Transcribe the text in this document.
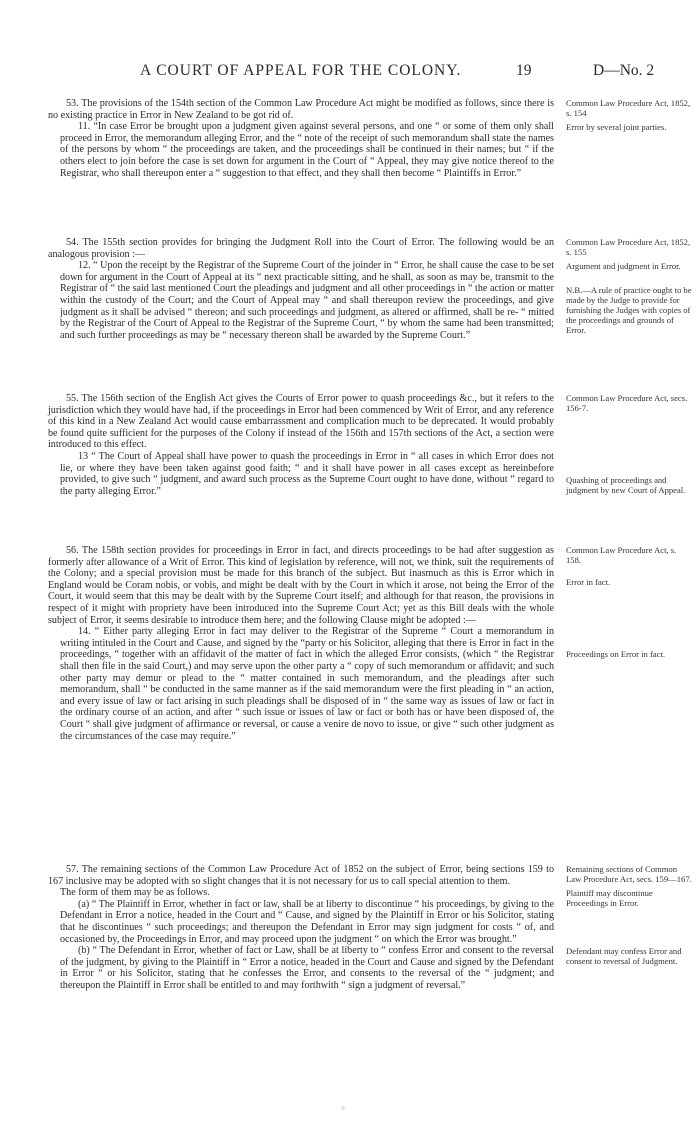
A COURT OF APPEAL FOR THE COLONY.	19	D—No. 2

53. The provisions of the 154th section of the Common Law Procedure Act might be modified as follows, since there is no existing practice in Error in New Zealand to be got rid of.

11. “In case Error be brought upon a judgment given against several persons, and one “ or some of them only shall proceed in Error, the memorandum alleging Error, and the “ note of the receipt of such memorandum shall state the names of the persons by whom “ the proceedings are taken, and the proceedings shall be continued in their names; but “ if the others elect to join before the case is set down for argument in the Court of “ Appeal, they may give notice thereof to the Registrar, who shall thereupon enter a “ suggestion to that effect, and they shall then become “ Plaintiffs in Error.”

Common Law Procedure Act, 1852, s. 154

Error by several joint parties.

54. The 155th section provides for bringing the Judgment Roll into the Court of Error. The following would be an analogous provision :—

12. “ Upon the receipt by the Registrar of the Supreme Court of the joinder in “ Error, he shall cause the case to be set down for argument in the Court of Appeal at its “ next practicable sitting, and he shall, as soon as may be, transmit to the Registrar of “ the said last mentioned Court the pleadings and judgment and all other proceedings in “ the action or matter within the custody of the Court; and the Court of Appeal may “ and shall thereupon review the proceedings, and give judgment as it shall be advised “ thereon; and such proceedings and judgment, as altered or affirmed, shall be re- “ mitted by the Registrar of the Court of Appeal to the Registrar of the Supreme Court, “ by whom the same had been transmitted; and such further proceedings as may be “ necessary thereon shall be awarded by the Supreme Court.”

Common Law Procedure Act, 1852, s. 155

Argument and judgment in Error.

N.B.—A rule of practice ought to be made by the Judge to provide for furnishing the Judges with copies of the proceedings and grounds of Error.

55. The 156th section of the English Act gives the Courts of Error power to quash proceedings &c., but it refers to the jurisdiction which they would have had, if the proceedings in Error had been commenced by Writ of Error, and any reference of this kind in a New Zealand Act would cause embarrassment and complication much to be deprecated. It would probably be found quite sufficient for the purposes of the Colony if instead of the 156th and 157th sections of the Act, a section were introduced to this effect.

13 “ The Court of Appeal shall have power to quash the proceedings in Error in “ all cases in which Error does not lie, or where they have been taken against good faith; “ and it shall have power in all cases except as hereinbefore provided, to give such “ judgment, and award such process as the Supreme Court ought to have done, without “ regard to the party alleging Error.”

Common Law Procedure Act, secs. 156-7.

Quashing of proceedings and judgment by new Court of Appeal.

56. The 158th section provides for proceedings in Error in fact, and directs proceedings to be had after suggestion as formerly after allowance of a Writ of Error. This kind of legislation by reference, will not, we think, suit the requirements of the Colony; and a special provision must be made for this branch of the subject. But inasmuch as this is Error which in England would be Coram nobis, or vobis, and might be dealt with by the Court in which it arose, not being the Error of the Court, it would seem that this may be dealt with by the Supreme Court itself; and although for that reason, the provisions in respect of it might with propriety have been introduced into the Supreme Court Act; yet as this Bill deals with the whole subject of Error, it seems desirable to introduce them here; and the following Clause might be adopted :—

14. “ Either party alleging Error in fact may deliver to the Registrar of the Supreme “ Court a memorandum in writing intituled in the Court and Cause, and signed by the “party or his Solicitor, alleging that there is Error in fact in the proceedings, “ together with an affidavit of the matter of fact in which the alleged Error consists, (which “ the Registrar shall then file in the said Court,) and may serve upon the other party a “ copy of such memorandum or affidavit; and such other party may demur or plead to the “ matter contained in such memorandum, and the pleadings after such memorandum, shall “ be conducted in the same manner as if the said memorandum were the first pleading in “ an action, and every issue of law or fact arising in such pleadings shall be disposed of in “ the same way as issues of law or fact in the ordinary course of an action, and after “ such issue or issues of law or fact or both has or have been disposed of, the Court “ shall give judgment of affirmance or reversal, or cause a venire de novo to issue, or give “ such other judgment as the circumstances of the case may require.”

Common Law Procedure Act, s. 158.

Error in fact.

Proceedings on Error in fact.

57. The remaining sections of the Common Law Procedure Act of 1852 on the subject of Error, being sections 159 to 167 inclusive may be adopted with so slight changes that it is not necessary for us to call special attention to them.

The form of them may be as follows.

(a) “ The Plaintiff in Error, whether in fact or law, shall be at liberty to discontinue “ his proceedings, by giving to the Defendant in Error a notice, headed in the Court and “ Cause, and signed by the Plaintiff in Error or his Solicitor, stating that he discontinues “ such proceedings; and thereupon the Defendant in Error may sign judgment for costs “ of, and occasioned by, the Proceedings in Error, and may proceed upon the judgment “ on which the Error was brought.”

(b) “ The Defendant in Error, whether of fact or Law, shall be at liberty to “ confess Error and consent to the reversal of the judgment, by giving to the Plaintiff in “ Error a notice, headed in the Court and Cause and signed by the Defendant in Error “ or his Solicitor, stating that he confesses the Error, and consents to the reversal of the “ judgment; and thereupon the Plaintiff in Error shall be entitled to and may forthwith “ sign a judgment of reversal.”

Remaining sections of Common Law Procedure Act, secs. 159—167.

Plaintiff may discontinue Proceedings in Error.

Defendant may confess Error and consent to reversal of Judgment.

⋄
